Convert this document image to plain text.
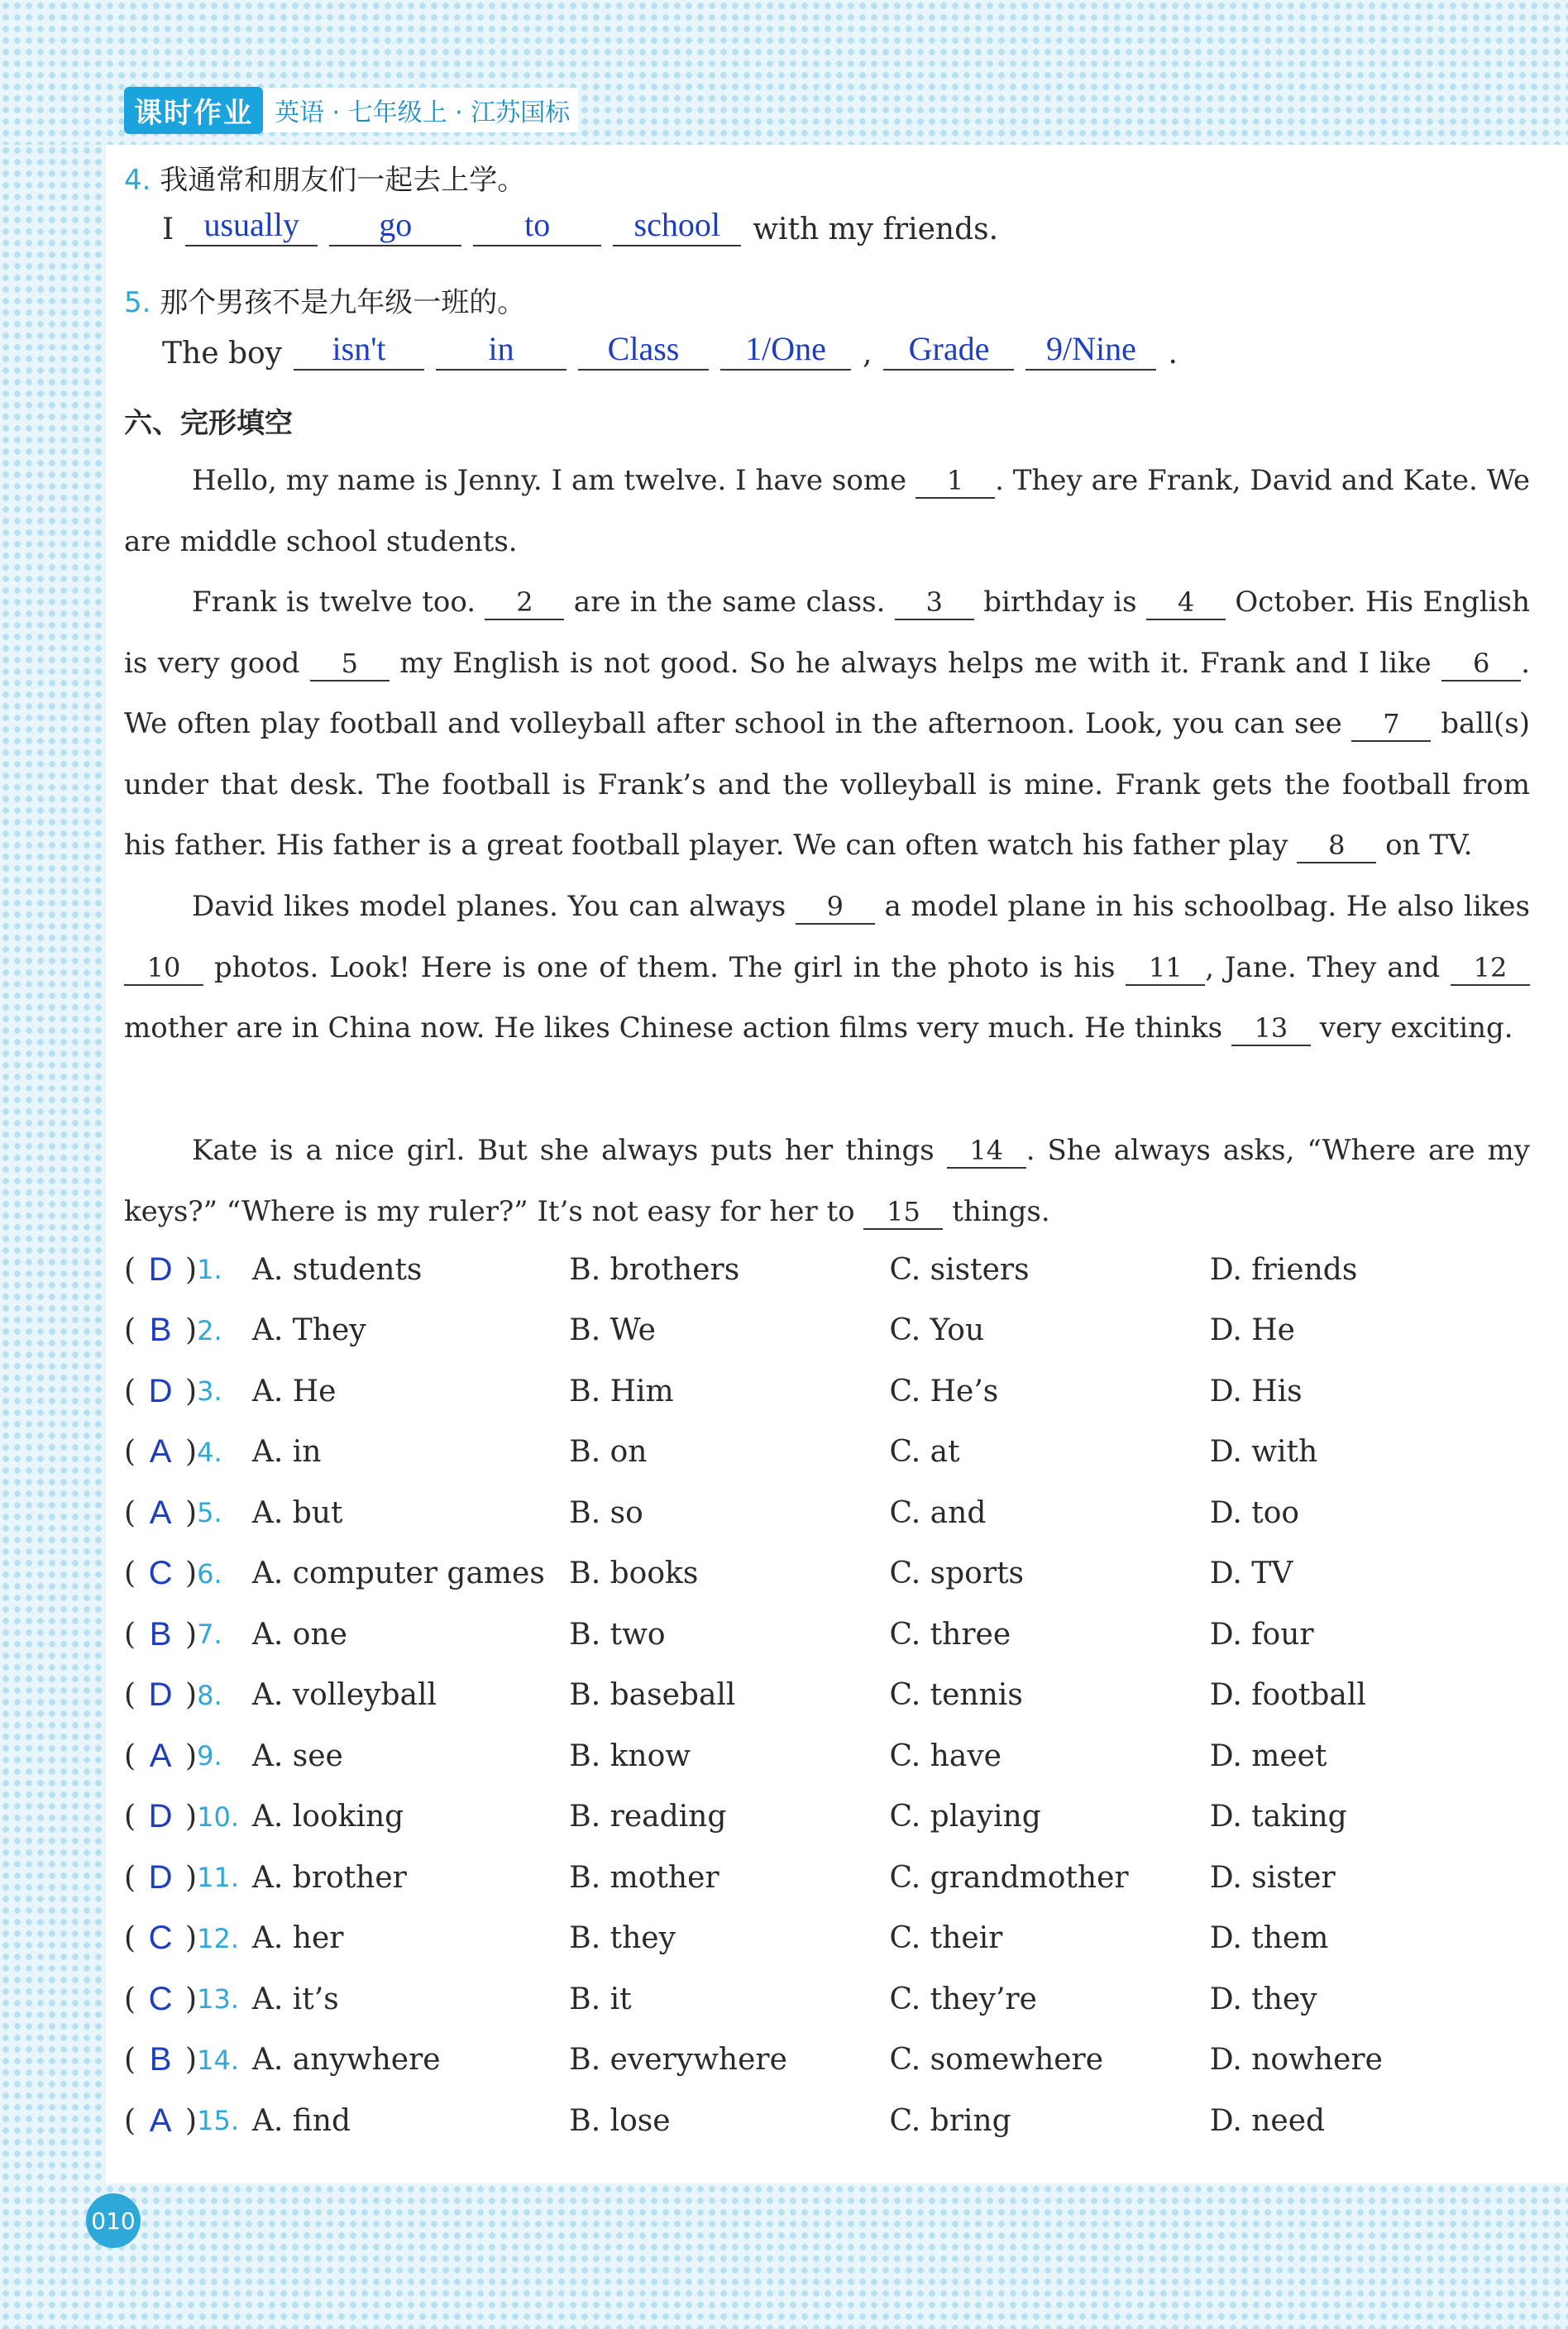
课时作业 英语 · 七年级上 · 江苏国标
4. 我通常和朋友们一起去上学。
I usually	go	to	school	with my friends.
5. 那个男孩不是九年级一班的。
The boy	isn't	in	Class	1/One	,	Grade	9/Nine	.
六、完形填空
Hello, my name is Jenny. I am twelve. I have some 1 . They are Frank, David and Kate. We are middle school students.
Frank is twelve too. 2 are in the same class. 3 birthday is 4 October. His English is very good 5 my English is not good. So he always helps me with it. Frank and I like 6 . We often play football and volleyball after school in the afternoon. Look, you can see 7 ball(s) under that desk. The football is Frank’s and the volleyball is mine. Frank gets the football from his father. His father is a great football player. We can often watch his father play 8 on TV.
David likes model planes. You can always 9 a model plane in his schoolbag. He also likes 10 photos. Look! Here is one of them. The girl in the photo is his 11 , Jane. They and 12 mother are in China now. He likes Chinese action films very much. He thinks 13 very exciting.
Kate is a nice girl. But she always puts her things 14 . She always asks, “Where are my keys?” “Where is my ruler?” It’s not easy for her to 15 things.
( D ) 1. A. students	B. brothers	C. sisters	D. friends
( B ) 2. A. They	B. We	C. You	D. He
( D ) 3. A. He	B. Him	C. He’s	D. His
( A ) 4. A. in	B. on	C. at	D. with
( A ) 5. A. but	B. so	C. and	D. too
( C ) 6. A. computer games B. books	C. sports	D. TV
( B ) 7. A. one	B. two	C. three	D. four
( D ) 8. A. volleyball	B. baseball	C. tennis	D. football
( A ) 9. A. see	B. know	C. have	D. meet
( D ) 10. A. looking	B. reading	C. playing	D. taking
( D ) 11. A. brother	B. mother	C. grandmother	D. sister
( C ) 12. A. her	B. they	C. their	D. them
( C ) 13. A. it’s	B. it	C. they’re	D. they
( B ) 14. A. anywhere	B. everywhere	C. somewhere	D. nowhere
( A ) 15. A. find	B. lose	C. bring	D. need
010
